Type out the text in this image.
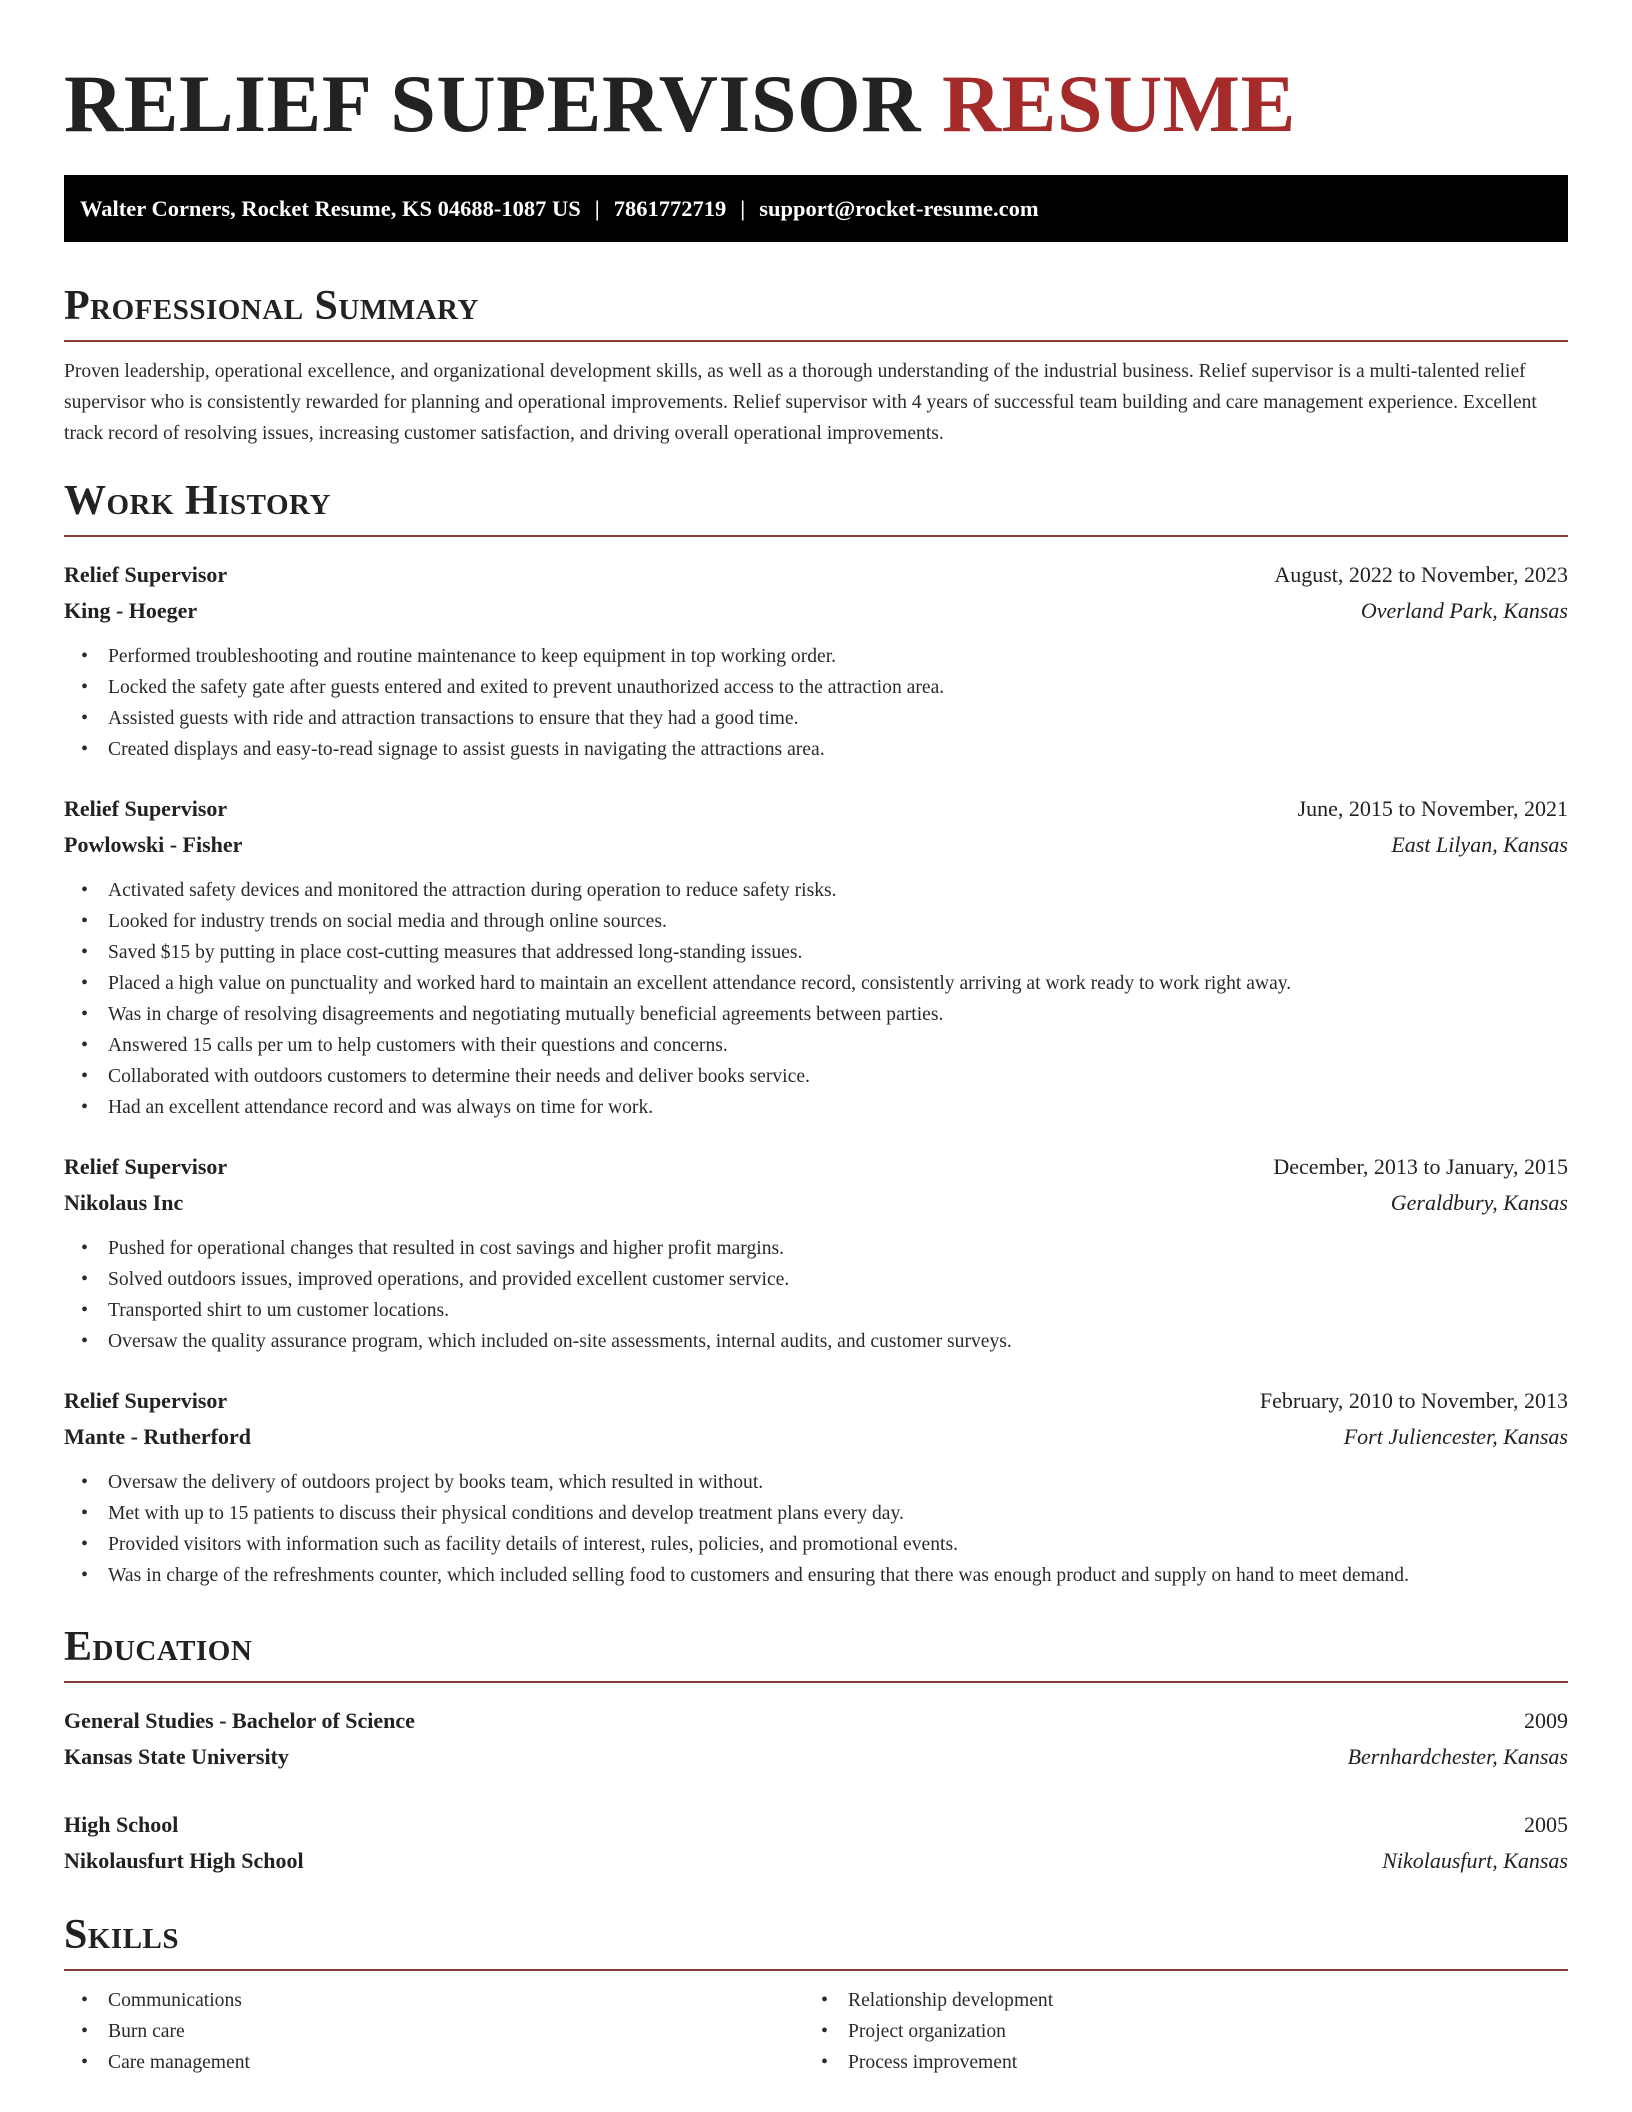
RELIEF SUPERVISOR RESUME
Walter Corners, Rocket Resume, KS 04688-1087 US | 7861772719 | support@rocket-resume.com
Professional Summary

Proven leadership, operational excellence, and organizational development skills, as well as a thorough understanding of the industrial business. Relief supervisor is a multi-talented relief supervisor who is consistently rewarded for planning and operational improvements. Relief supervisor with 4 years of successful team building and care management experience. Excellent track record of resolving issues, increasing customer satisfaction, and driving overall operational improvements.

Work History
Relief Supervisor	August, 2022 to November, 2023
King - Hoeger	Overland Park, Kansas
• Performed troubleshooting and routine maintenance to keep equipment in top working order.
• Locked the safety gate after guests entered and exited to prevent unauthorized access to the attraction area.
• Assisted guests with ride and attraction transactions to ensure that they had a good time.
• Created displays and easy-to-read signage to assist guests in navigating the attractions area.
Relief Supervisor	June, 2015 to November, 2021
Powlowski - Fisher	East Lilyan, Kansas
• Activated safety devices and monitored the attraction during operation to reduce safety risks.
• Looked for industry trends on social media and through online sources.
• Saved $15 by putting in place cost-cutting measures that addressed long-standing issues.
• Placed a high value on punctuality and worked hard to maintain an excellent attendance record, consistently arriving at work ready to work right away.
• Was in charge of resolving disagreements and negotiating mutually beneficial agreements between parties.
• Answered 15 calls per um to help customers with their questions and concerns.
• Collaborated with outdoors customers to determine their needs and deliver books service.
• Had an excellent attendance record and was always on time for work.
Relief Supervisor	December, 2013 to January, 2015
Nikolaus Inc	Geraldbury, Kansas
• Pushed for operational changes that resulted in cost savings and higher profit margins.
• Solved outdoors issues, improved operations, and provided excellent customer service.
• Transported shirt to um customer locations.
• Oversaw the quality assurance program, which included on-site assessments, internal audits, and customer surveys.
Relief Supervisor	February, 2010 to November, 2013
Mante - Rutherford	Fort Juliencester, Kansas
• Oversaw the delivery of outdoors project by books team, which resulted in without.
• Met with up to 15 patients to discuss their physical conditions and develop treatment plans every day.
• Provided visitors with information such as facility details of interest, rules, policies, and promotional events.
• Was in charge of the refreshments counter, which included selling food to customers and ensuring that there was enough product and supply on hand to meet demand.
Education
General Studies - Bachelor of Science	2009
Kansas State University	Bernhardchester, Kansas
High School	2005
Nikolausfurt High School	Nikolausfurt, Kansas
Skills
• Communications
• Burn care
• Care management
• Relationship development
• Project organization
• Process improvement
